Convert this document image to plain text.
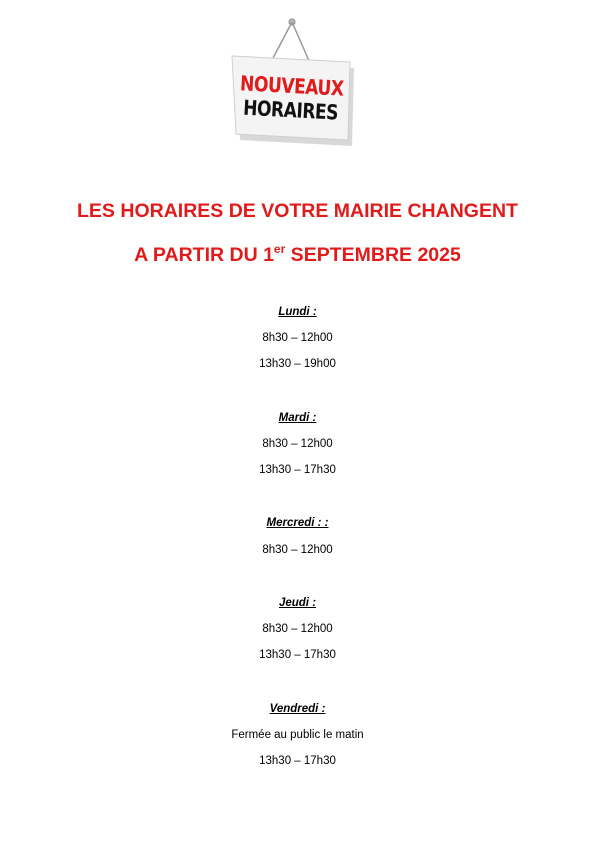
NOUVEAUX
HORAIRES
LES HORAIRES DE VOTRE MAIRIE CHANGENT
A PARTIR DU 1er SEPTEMBRE 2025
Lundi :
8h30 – 12h00
13h30 – 19h00
Mardi :
8h30 – 12h00
13h30 – 17h30
Mercredi : :
8h30 – 12h00
Jeudi :
8h30 – 12h00
13h30 – 17h30
Vendredi :
Fermée au public le matin
13h30 – 17h30
